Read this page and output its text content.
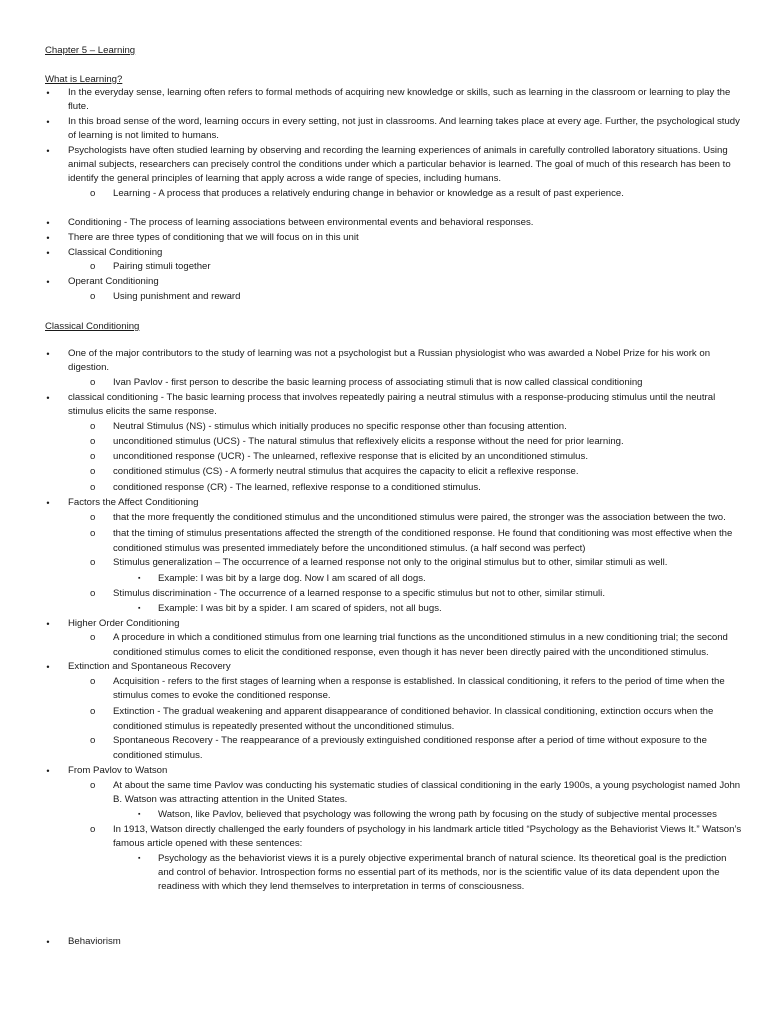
Chapter 5 – Learning
What is Learning?
•	In the everyday sense, learning often refers to formal methods of acquiring new knowledge or skills, such as learning in the classroom or learning to play the
flute.
•	In this broad sense of the word, learning occurs in every setting, not just in classrooms. And learning takes place at every age. Further, the psychological study
of learning is not limited to humans.
•	Psychologists have often studied learning by observing and recording the learning experiences of animals in carefully controlled laboratory situations. Using
animal subjects, researchers can precisely control the conditions under which a particular behavior is learned. The goal of much of this research has been to
identify the general principles of learning that apply across a wide range of species, including humans.
o Learning - A process that produces a relatively enduring change in behavior or knowledge as a result of past experience.
•	Conditioning - The process of learning associations between environmental events and behavioral responses.
•	There are three types of conditioning that we will focus on in this unit
•	Classical Conditioning
o Pairing stimuli together
•	Operant Conditioning
o Using punishment and reward
Classical Conditioning
•	One of the major contributors to the study of learning was not a psychologist but a Russian physiologist who was awarded a Nobel Prize for his work on
digestion.
o Ivan Pavlov - first person to describe the basic learning process of associating stimuli that is now called classical conditioning
•	classical conditioning - The basic learning process that involves repeatedly pairing a neutral stimulus with a response-producing stimulus until the neutral
stimulus elicits the same response.
o Neutral Stimulus (NS) - stimulus which initially produces no specific response other than focusing attention.
o unconditioned stimulus (UCS) - The natural stimulus that reflexively elicits a response without the need for prior learning.
o unconditioned response (UCR) - The unlearned, reflexive response that is elicited by an unconditioned stimulus.
o conditioned stimulus (CS) - A formerly neutral stimulus that acquires the capacity to elicit a reflexive response.
o conditioned response (CR) - The learned, reflexive response to a conditioned stimulus.
•	Factors the Affect Conditioning
o that the more frequently the conditioned stimulus and the unconditioned stimulus were paired, the stronger was the association between the two.
o that the timing of stimulus presentations affected the strength of the conditioned response. He found that conditioning was most effective when the
conditioned stimulus was presented immediately before the unconditioned stimulus. (a half second was perfect)
o Stimulus generalization – The occurrence of a learned response not only to the original stimulus but to other, similar stimuli as well.
▪ Example: I was bit by a large dog. Now I am scared of all dogs.
o Stimulus discrimination - The occurrence of a learned response to a specific stimulus but not to other, similar stimuli.
▪ Example: I was bit by a spider. I am scared of spiders, not all bugs.
•	Higher Order Conditioning
o A procedure in which a conditioned stimulus from one learning trial functions as the unconditioned stimulus in a new conditioning trial; the second
conditioned stimulus comes to elicit the conditioned response, even though it has never been directly paired with the unconditioned stimulus.
•	Extinction and Spontaneous Recovery
o Acquisition - refers to the first stages of learning when a response is established. In classical conditioning, it refers to the period of time when the
stimulus comes to evoke the conditioned response.
o Extinction - The gradual weakening and apparent disappearance of conditioned behavior. In classical conditioning, extinction occurs when the
conditioned stimulus is repeatedly presented without the unconditioned stimulus.
o Spontaneous Recovery - The reappearance of a previously extinguished conditioned response after a period of time without exposure to the
conditioned stimulus.
•	From Pavlov to Watson
o At about the same time Pavlov was conducting his systematic studies of classical conditioning in the early 1900s, a young psychologist named John
B. Watson was attracting attention in the United States.
▪ Watson, like Pavlov, believed that psychology was following the wrong path by focusing on the study of subjective mental processes
o In 1913, Watson directly challenged the early founders of psychology in his landmark article titled “Psychology as the Behaviorist Views It.” Watson’s
famous article opened with these sentences:
▪ Psychology as the behaviorist views it is a purely objective experimental branch of natural science. Its theoretical goal is the prediction
and control of behavior. Introspection forms no essential part of its methods, nor is the scientific value of its data dependent upon the
readiness with which they lend themselves to interpretation in terms of consciousness.
•	Behaviorism
